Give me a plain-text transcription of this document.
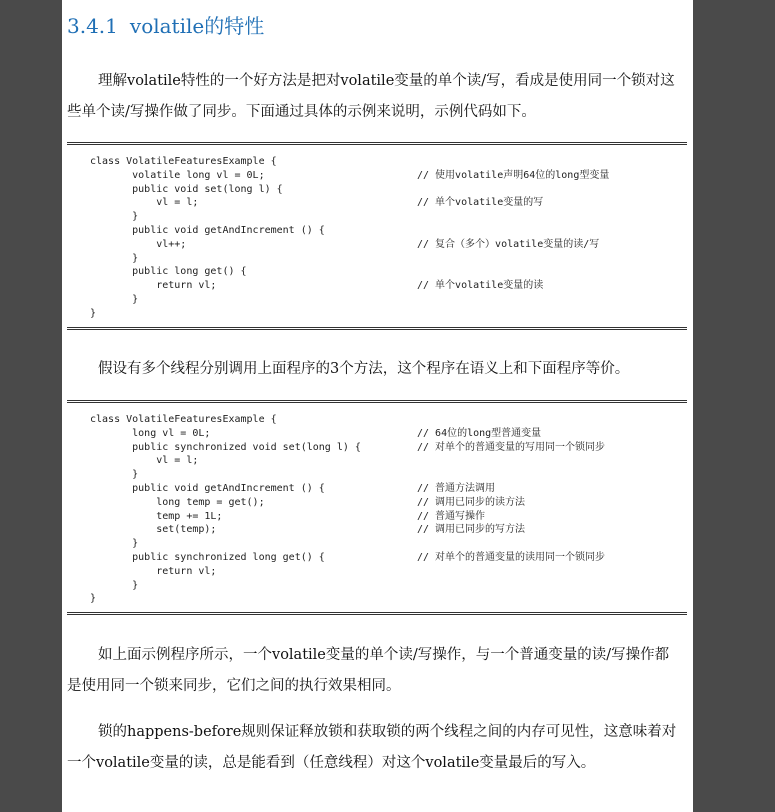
3.4.1 volatile的特性
理解volatile特性的一个好方法是把对volatile变量的单个读/写，看成是使用同一个锁对这
些单个读/写操作做了同步。下面通过具体的示例来说明，示例代码如下。
class VolatileFeaturesExample {
volatile long vl = 0L;	// 使用volatile声明64位的long型变量
public void set(long l) {
vl = l;	// 单个volatile变量的写
}
public void getAndIncrement () {
vl++;	// 复合（多个）volatile变量的读/写
}
public long get() {
return vl;	// 单个volatile变量的读
}
}
假设有多个线程分别调用上面程序的3个方法，这个程序在语义上和下面程序等价。
class VolatileFeaturesExample {
long vl = 0L;	// 64位的long型普通变量
public synchronized void set(long l) {	// 对单个的普通变量的写用同一个锁同步
vl = l;
}
public void getAndIncrement () {	// 普通方法调用
long temp = get();	// 调用已同步的读方法
temp += 1L;	// 普通写操作
set(temp);	// 调用已同步的写方法
}
public synchronized long get() {	// 对单个的普通变量的读用同一个锁同步
return vl;
}
}
如上面示例程序所示，一个volatile变量的单个读/写操作，与一个普通变量的读/写操作都
是使用同一个锁来同步，它们之间的执行效果相同。
锁的happens-before规则保证释放锁和获取锁的两个线程之间的内存可见性，这意味着对
一个volatile变量的读，总是能看到（任意线程）对这个volatile变量最后的写入。
